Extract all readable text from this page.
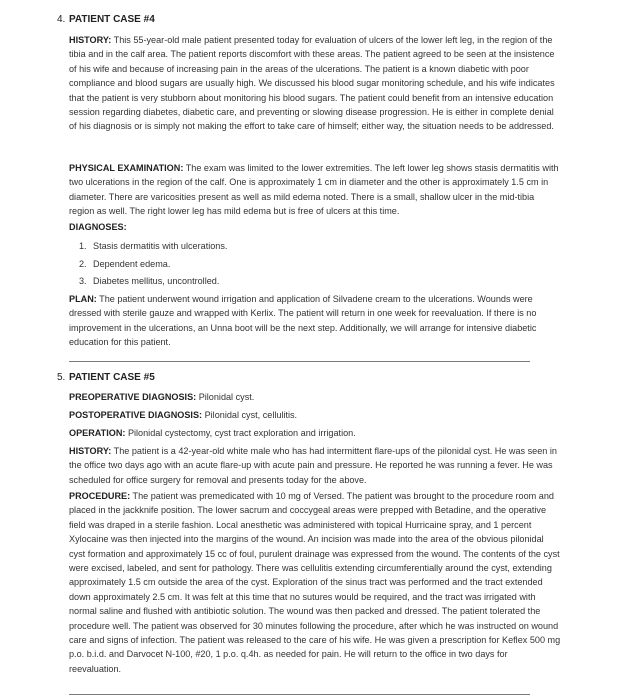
4. PATIENT CASE #4

HISTORY: This 55-year-old male patient presented today for evaluation of ulcers of the lower left leg, in the region of the tibia and in the calf area. The patient reports discomfort with these areas. The patient agreed to be seen at the insistence of his wife and because of increasing pain in the areas of the ulcerations. The patient is a known diabetic with poor compliance and blood sugars are usually high. We discussed his blood sugar monitoring schedule, and his wife indicates that the patient is very stubborn about monitoring his blood sugars. The patient could benefit from an intensive education session regarding diabetes, diabetic care, and preventing or slowing disease progression. He is either in complete denial of his diagnosis or is simply not making the effort to take care of himself; either way, the situation needs to be addressed.

PHYSICAL EXAMINATION: The exam was limited to the lower extremities. The left lower leg shows stasis dermatitis with two ulcerations in the region of the calf. One is approximately 1 cm in diameter and the other is approximately 1.5 cm in diameter. There are varicosities present as well as mild edema noted. There is a small, shallow ulcer in the mid-tibia region as well. The right lower leg has mild edema but is free of ulcers at this time.

DIAGNOSES:

1. Stasis dermatitis with ulcerations.
2. Dependent edema.
3. Diabetes mellitus, uncontrolled.

PLAN: The patient underwent wound irrigation and application of Silvadene cream to the ulcerations. Wounds were dressed with sterile gauze and wrapped with Kerlix. The patient will return in one week for reevaluation. If there is no improvement in the ulcerations, an Unna boot will be the next step. Additionally, we will arrange for intensive diabetic education for this patient.

5. PATIENT CASE #5

PREOPERATIVE DIAGNOSIS: Pilonidal cyst.

POSTOPERATIVE DIAGNOSIS: Pilonidal cyst, cellulitis.

OPERATION: Pilonidal cystectomy, cyst tract exploration and irrigation.

HISTORY: The patient is a 42-year-old white male who has had intermittent flare-ups of the pilonidal cyst. He was seen in the office two days ago with an acute flare-up with acute pain and pressure. He reported he was running a fever. He was scheduled for office surgery for removal and presents today for the above.

PROCEDURE: The patient was premedicated with 10 mg of Versed. The patient was brought to the procedure room and placed in the jackknife position. The lower sacrum and coccygeal areas were prepped with Betadine, and the operative field was draped in a sterile fashion. Local anesthetic was administered with topical Hurricaine spray, and 1 percent Xylocaine was then injected into the margins of the wound. An incision was made into the area of the obvious pilonidal cyst formation and approximately 15 cc of foul, purulent drainage was expressed from the wound. The contents of the cyst were excised, labeled, and sent for pathology. There was cellulitis extending circumferentially around the cyst, extending approximately 1.5 cm outside the area of the cyst. Exploration of the sinus tract was performed and the tract extended down approximately 2.5 cm. It was felt at this time that no sutures would be required, and the tract was irrigated with normal saline and flushed with antibiotic solution. The wound was then packed and dressed. The patient tolerated the procedure well. The patient was observed for 30 minutes following the procedure, after which he was instructed on wound care and signs of infection. The patient was released to the care of his wife. He was given a prescription for Keflex 500 mg p.o. b.i.d. and Darvocet N-100, #20, 1 p.o. q.4h. as needed for pain. He will return to the office in two days for reevaluation.
